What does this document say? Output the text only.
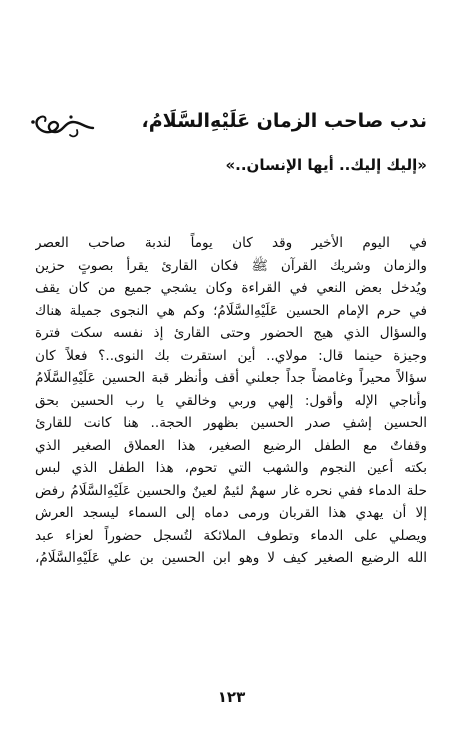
ندب صاحب الزمان عَلَيْهِ‌السَّلَامُ،
«إليك إليك.. أيها الإنسان..»
في اليوم الأخير وقد كان يوماً لندبة صاحب العصر
والزمان وشريك القرآن ﷺ فكان القارئ يقرأ بصوتٍ حزين
ويُدخل بعض النعي في القراءة وكان يشجي جميع من كان يقف
في حرم الإمام الحسين عَلَيْهِ‌السَّلَامُ؛ وكم هي النجوى جميلة هناك
والسؤال الذي هيج الحضور وحتى القارئ إذ نفسه سكت فترة
وجيزة حينما قال: مولاي.. أين استقرت بك النوى..؟ فعلاً كان
سؤالاً محيراً وغامضاً جداً جعلني أقف وأنظر قبة الحسين عَلَيْهِ‌السَّلَامُ
وأناجي الإله وأقول: إلهي وربي وخالقي يا رب الحسين بحق
الحسين إشفِ صدر الحسين بظهور الحجة.. هنا كانت للقارئ
وقفاتٌ مع الطفل الرضيع الصغير، هذا العملاق الصغير الذي
بكته أعين النجوم والشهب التي تحوم، هذا الطفل الذي لبس
حلة الدماء ففي نحره غار سهمٌ لئيمٌ لعينٌ والحسين عَلَيْهِ‌السَّلَامُ رفض
إلا أن يهدي هذا القربان ورمى دماه إلى السماء ليسجد العرش
ويصلي على الدماء وتطوف الملائكة لتُسجل حضوراً لعزاء عبد
الله الرضيع الصغير كيف لا وهو ابن الحسين بن علي عَلَيْهِ‌السَّلَامُ،
١٢٣
